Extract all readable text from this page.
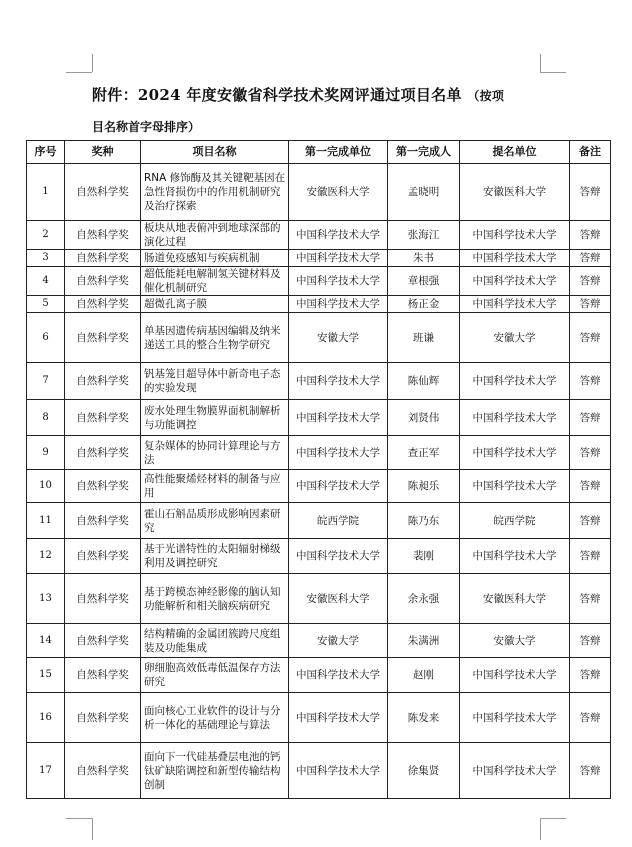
附件：2024 年度安徽省科学技术奖网评通过项目名单 （按项
目名称首字母排序）
序号	奖种	项目名称	第一完成单位	第一完成人	提名单位	备注
1	自然科学奖	RNA 修饰酶及其关键靶基因在急性肾损伤中的作用机制研究及治疗探索	安徽医科大学	孟晓明	安徽医科大学	答辩
2	自然科学奖	板块从地表俯冲到地球深部的演化过程	中国科学技术大学	张海江	中国科学技术大学	答辩
3	自然科学奖	肠道免疫感知与疾病机制	中国科学技术大学	朱书	中国科学技术大学	答辩
4	自然科学奖	超低能耗电解制氢关键材料及催化机制研究	中国科学技术大学	章根强	中国科学技术大学	答辩
5	自然科学奖	超微孔离子膜	中国科学技术大学	杨正金	中国科学技术大学	答辩
6	自然科学奖	单基因遗传病基因编辑及纳米递送工具的整合生物学研究	安徽大学	班谦	安徽大学	答辩
7	自然科学奖	钒基笼目超导体中新奇电子态的实验发现	中国科学技术大学	陈仙辉	中国科学技术大学	答辩
8	自然科学奖	废水处理生物膜界面机制解析与功能调控	中国科学技术大学	刘贤伟	中国科学技术大学	答辩
9	自然科学奖	复杂媒体的协同计算理论与方法	中国科学技术大学	查正军	中国科学技术大学	答辩
10	自然科学奖	高性能聚烯烃材料的制备与应用	中国科学技术大学	陈昶乐	中国科学技术大学	答辩
11	自然科学奖	霍山石斛品质形成影响因素研究	皖西学院	陈乃东	皖西学院	答辩
12	自然科学奖	基于光谱特性的太阳辐射梯级利用及调控研究	中国科学技术大学	裴刚	中国科学技术大学	答辩
13	自然科学奖	基于跨模态神经影像的脑认知功能解析和相关脑疾病研究	安徽医科大学	余永强	安徽医科大学	答辩
14	自然科学奖	结构精确的金属团簇跨尺度组装及功能集成	安徽大学	朱满洲	安徽大学	答辩
15	自然科学奖	卵细胞高效低毒低温保存方法研究	中国科学技术大学	赵刚	中国科学技术大学	答辩
16	自然科学奖	面向核心工业软件的设计与分析一体化的基础理论与算法	中国科学技术大学	陈发来	中国科学技术大学	答辩
17	自然科学奖	面向下一代硅基叠层电池的钙钛矿缺陷调控和新型传输结构创制	中国科学技术大学	徐集贤	中国科学技术大学	答辩
